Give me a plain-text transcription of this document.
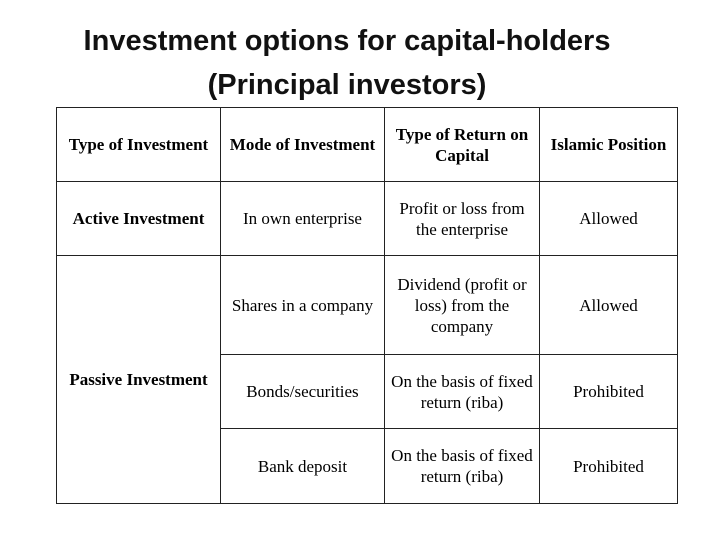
Investment options for capital-holders
(Principal investors)
Type of Investment	Mode of Investment	Type of Return on Capital	Islamic Position
Active Investment	In own enterprise	Profit or loss from the enterprise	Allowed
Passive Investment	Shares in a company	Dividend (profit or loss) from the company	Allowed
	Bonds/securities	On the basis of fixed return (riba)	Prohibited
	Bank deposit	On the basis of fixed return (riba)	Prohibited
